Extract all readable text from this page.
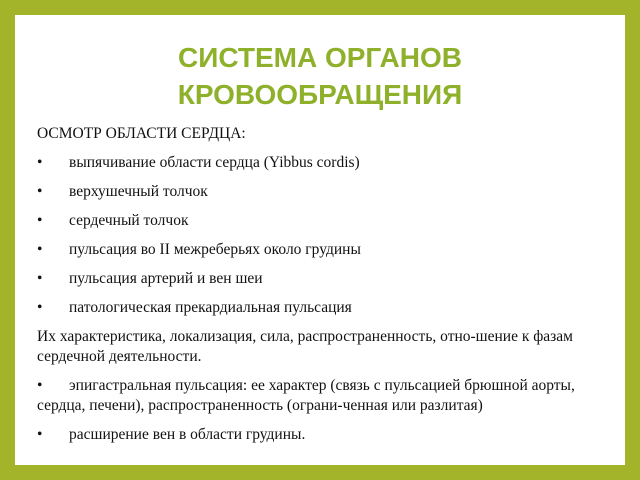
СИСТЕМА ОРГАНОВ
КРОВООБРАЩЕНИЯ
ОСМОТР ОБЛАСТИ СЕРДЦА:
•	выпячивание области сердца (Yibbus cordis)
•	верхушечный толчок
•	сердечный толчок
•	пульсация во II межреберьях около грудины
•	пульсация артерий и вен шеи
•	патологическая прекардиальная пульсация
Их характеристика, локализация, сила, распространенность, отно-шение к фазам сердечной деятельности.
• эпигастральная пульсация: ее характер (связь с пульсацией брюшной аорты, сердца, печени), распространенность (ограни-ченная или разлитая)
•	расширение вен в области грудины.
